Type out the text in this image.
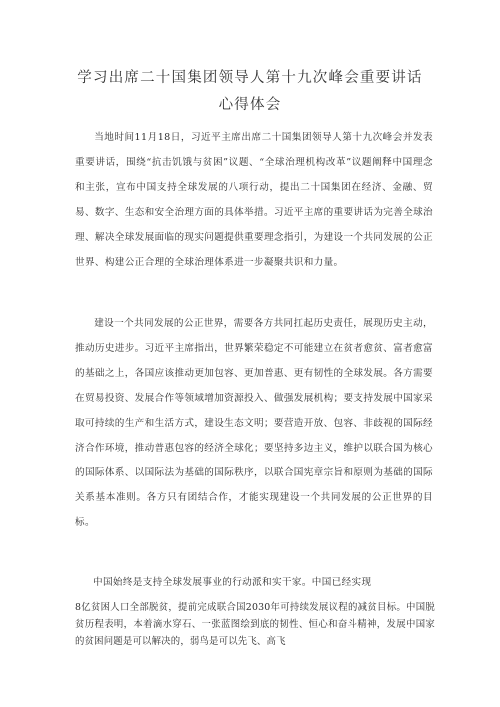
学习出席二十国集团领导人第十九次峰会重要讲话
心得体会

当地时间11月18日，习近平主席出席二十国集团领导人第十九次峰会并发表重要讲话，围绕“抗击饥饿与贫困”议题、“全球治理机构改革”议题阐释中国理念和主张，宣布中国支持全球发展的八项行动，提出二十国集团在经济、金融、贸易、数字、生态和安全治理方面的具体举措。习近平主席的重要讲话为完善全球治理、解决全球发展面临的现实问题提供重要理念指引，为建设一个共同发展的公正世界、构建公正合理的全球治理体系进一步凝聚共识和力量。

建设一个共同发展的公正世界，需要各方共同扛起历史责任，展现历史主动，推动历史进步。习近平主席指出，世界繁荣稳定不可能建立在贫者愈贫、富者愈富的基础之上，各国应该推动更加包容、更加普惠、更有韧性的全球发展。各方需要在贸易投资、发展合作等领域增加资源投入、做强发展机构；要支持发展中国家采取可持续的生产和生活方式，建设生态文明；要营造开放、包容、非歧视的国际经济合作环境，推动普惠包容的经济全球化；要坚持多边主义，维护以联合国为核心的国际体系、以国际法为基础的国际秩序，以联合国宪章宗旨和原则为基础的国际关系基本准则。各方只有团结合作，才能实现建设一个共同发展的公正世界的目标。

中国始终是支持全球发展事业的行动派和实干家。中国已经实现

8亿贫困人口全部脱贫，提前完成联合国2030年可持续发展议程的减贫目标。中国脱贫历程表明，本着滴水穿石、一张蓝图绘到底的韧性、恒心和奋斗精神，发展中国家的贫困问题是可以解决的，弱鸟是可以先飞、高飞
